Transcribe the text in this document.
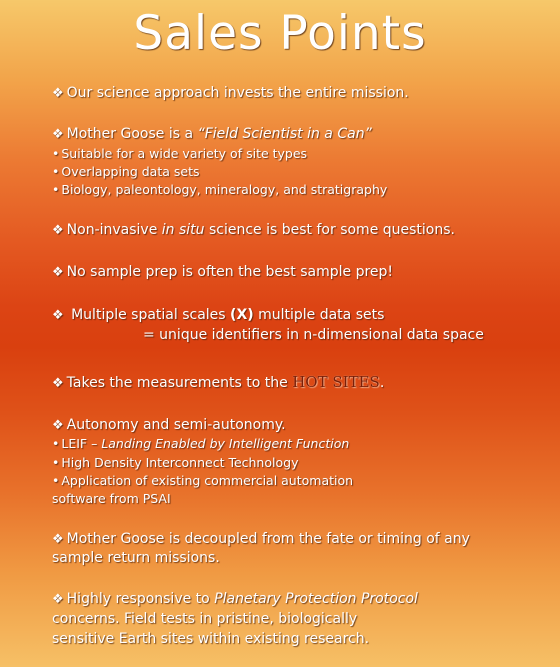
Sales Points
❖ Our science approach invests the entire mission.
❖ Mother Goose is a “Field Scientist in a Can”
• Suitable for a wide variety of site types
• Overlapping data sets
• Biology, paleontology, mineralogy, and stratigraphy
❖ Non-invasive in situ science is best for some questions.
❖ No sample prep is often the best sample prep!
❖ Multiple spatial scales (X) multiple data sets
= unique identifiers in n-dimensional data space
❖ Takes the measurements to the HOT SITES.
❖ Autonomy and semi-autonomy.
• LEIF – Landing Enabled by Intelligent Function
• High Density Interconnect Technology
• Application of existing commercial automation
software from PSAI
❖ Mother Goose is decoupled from the fate or timing of any
sample return missions.
❖ Highly responsive to Planetary Protection Protocol
concerns. Field tests in pristine, biologically
sensitive Earth sites within existing research.
